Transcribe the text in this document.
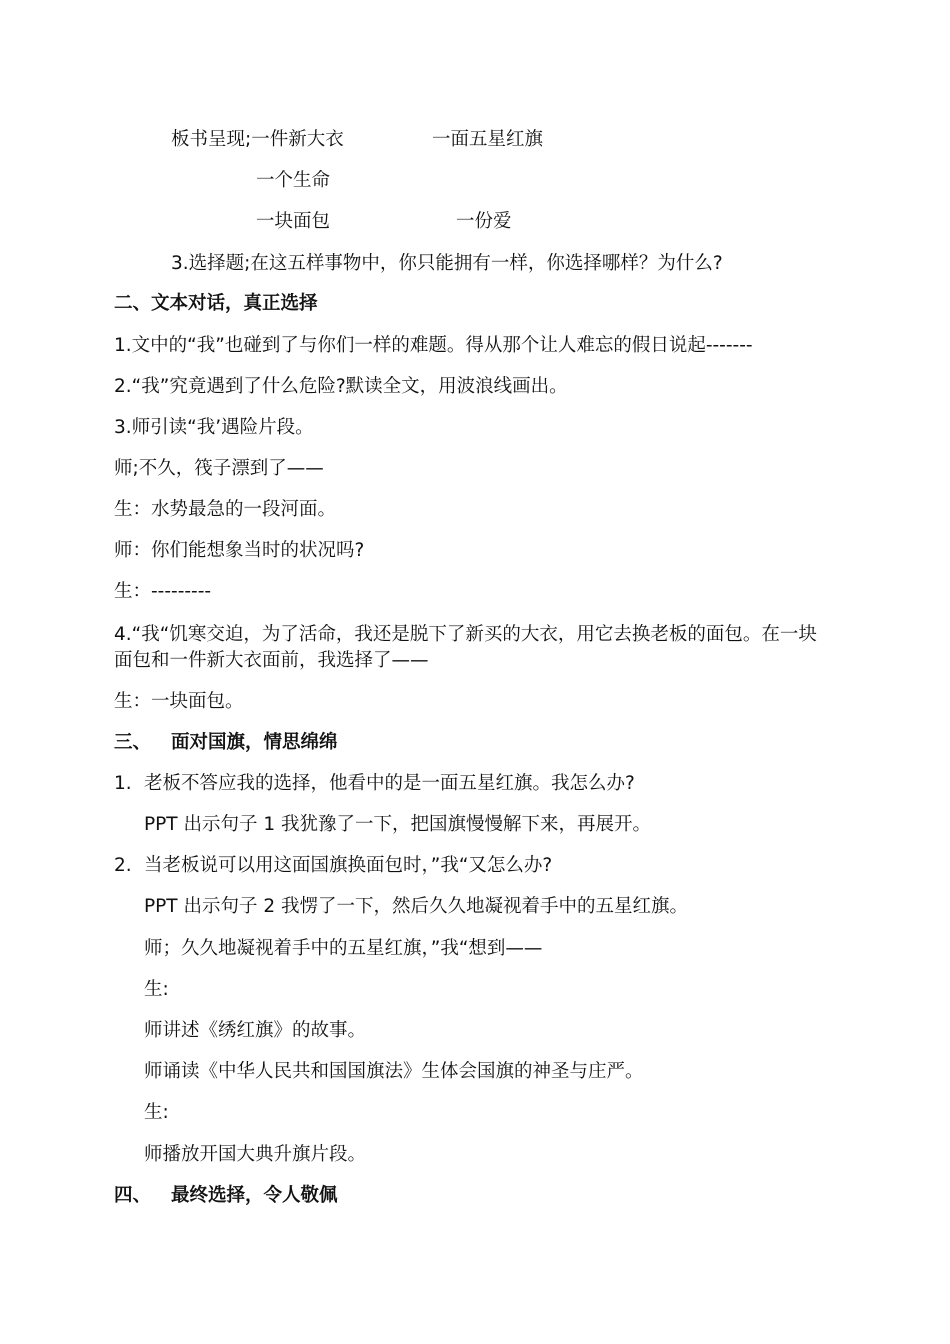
板书呈现;一件新大衣	一面五星红旗
一个生命
一块面包	一份爱
3.选择题;在这五样事物中，你只能拥有一样，你选择哪样？为什么?
二、文本对话，真正选择
1.文中的“我”也碰到了与你们一样的难题。得从那个让人难忘的假日说起-------
2.“我”究竟遇到了什么危险?默读全文，用波浪线画出。
3.师引读“我’遇险片段。
师;不久，筏子漂到了——
生：水势最急的一段河面。
师：你们能想象当时的状况吗?
生：---------
4.“我“饥寒交迫，为了活命，我还是脱下了新买的大衣，用它去换老板的面包。在一块面包和一件新大衣面前，我选择了——
生：一块面包。
三、 面对国旗，情思绵绵
1. 老板不答应我的选择，他看中的是一面五星红旗。我怎么办?
PPT 出示句子 1 我犹豫了一下，把国旗慢慢解下来，再展开。
2. 当老板说可以用这面国旗换面包时，”我“又怎么办?
PPT 出示句子 2 我愣了一下，然后久久地凝视着手中的五星红旗。
师；久久地凝视着手中的五星红旗，”我“想到——
生:
师讲述《绣红旗》的故事。
师诵读《中华人民共和国国旗法》生体会国旗的神圣与庄严。
生:
师播放开国大典升旗片段。
四、 最终选择，令人敬佩
